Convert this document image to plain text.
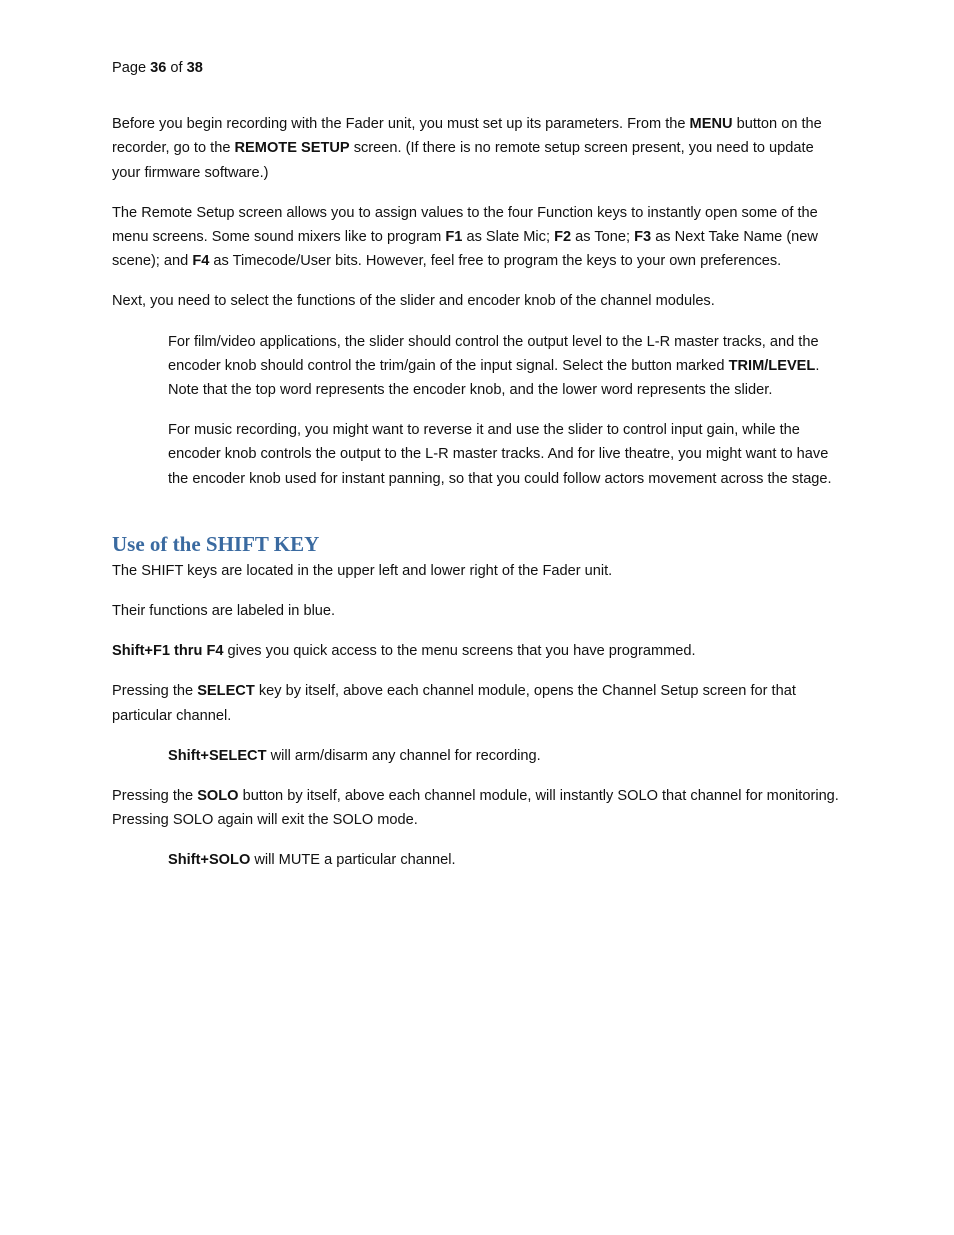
Page 36 of 38

Before you begin recording with the Fader unit, you must set up its parameters. From the MENU button on the recorder, go to the REMOTE SETUP screen. (If there is no remote setup screen present, you need to update your firmware software.)

The Remote Setup screen allows you to assign values to the four Function keys to instantly open some of the menu screens. Some sound mixers like to program F1 as Slate Mic; F2 as Tone; F3 as Next Take Name (new scene); and F4 as Timecode/User bits. However, feel free to program the keys to your own preferences.

Next, you need to select the functions of the slider and encoder knob of the channel modules.

For film/video applications, the slider should control the output level to the L-R master tracks, and the encoder knob should control the trim/gain of the input signal. Select the button marked TRIM/LEVEL. Note that the top word represents the encoder knob, and the lower word represents the slider.

For music recording, you might want to reverse it and use the slider to control input gain, while the encoder knob controls the output to the L-R master tracks. And for live theatre, you might want to have the encoder knob used for instant panning, so that you could follow actors movement across the stage.

Use of the SHIFT KEY

The SHIFT keys are located in the upper left and lower right of the Fader unit.

Their functions are labeled in blue.

Shift+F1 thru F4 gives you quick access to the menu screens that you have programmed.

Pressing the SELECT key by itself, above each channel module, opens the Channel Setup screen for that particular channel.

Shift+SELECT will arm/disarm any channel for recording.

Pressing the SOLO button by itself, above each channel module, will instantly SOLO that channel for monitoring. Pressing SOLO again will exit the SOLO mode.

Shift+SOLO will MUTE a particular channel.
